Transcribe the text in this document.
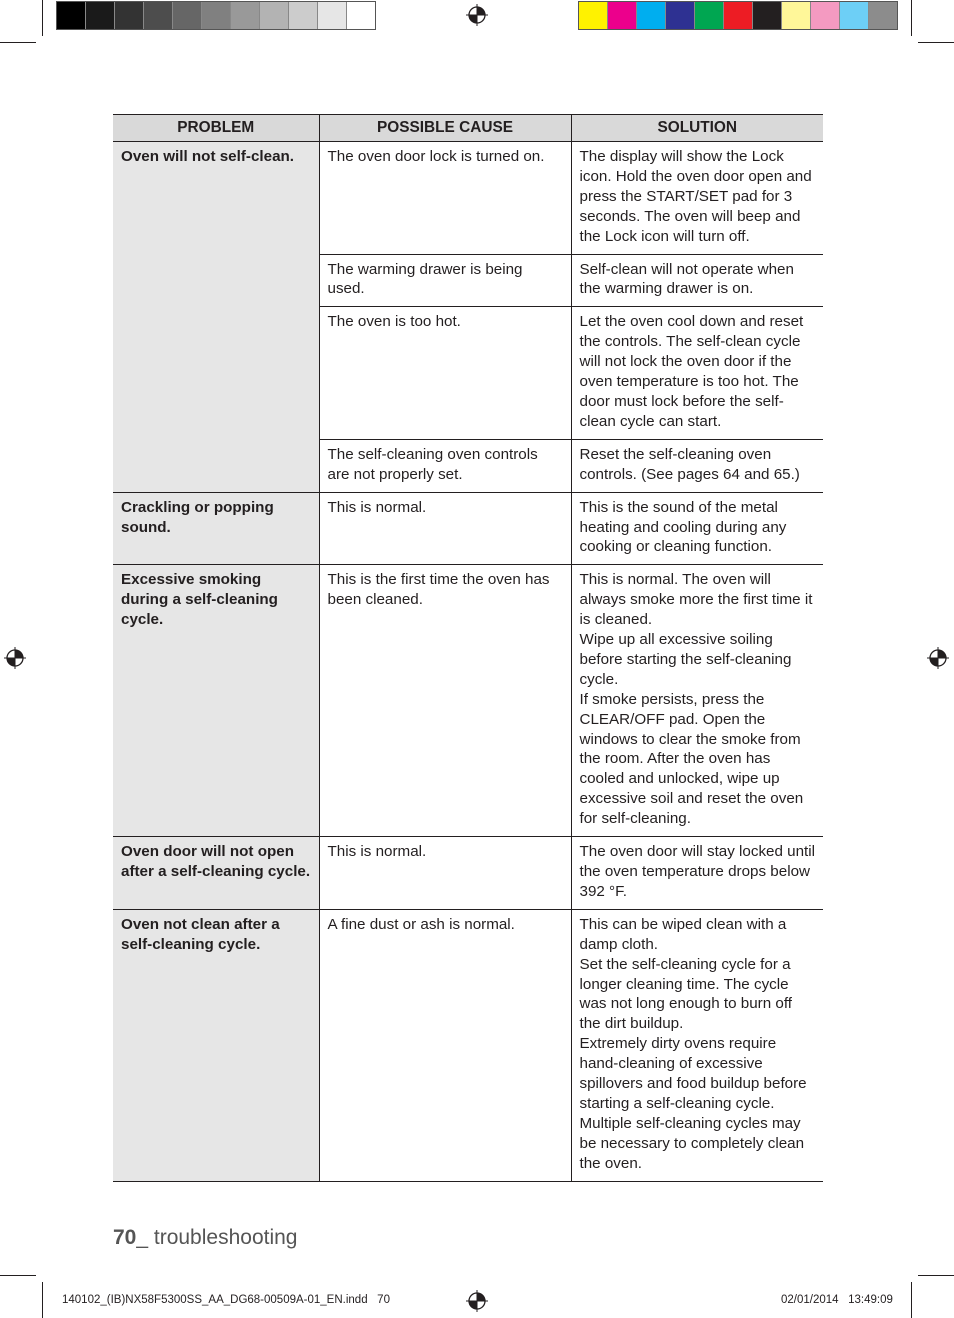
PROBLEM	POSSIBLE CAUSE	SOLUTION
Oven will not self-clean.	The oven door lock is turned on.	The display will show the Lock icon. Hold the oven door open and press the START/SET pad for 3 seconds. The oven will beep and the Lock icon will turn off.

	The warming drawer is being used.	Self-clean will not operate when the warming drawer is on.

	The oven is too hot.	Let the oven cool down and reset the controls. The self-clean cycle will not lock the oven door if the oven temperature is too hot. The door must lock before the self-clean cycle can start.

	The self-cleaning oven controls are not properly set.	Reset the self-cleaning oven controls. (See pages 64 and 65.)

Crackling or popping sound.	This is normal.	This is the sound of the metal heating and cooling during any cooking or cleaning function.

Excessive smoking during a self-cleaning cycle.	This is the first time the oven has been cleaned.	This is normal. The oven will always smoke more the first time it is cleaned.
Wipe up all excessive soiling before starting the self-cleaning cycle.
If smoke persists, press the CLEAR/OFF pad. Open the windows to clear the smoke from the room. After the oven has cooled and unlocked, wipe up excessive soil and reset the oven for self-cleaning.

Oven door will not open after a self-cleaning cycle.	This is normal.	The oven door will stay locked until the oven temperature drops below 392 °F.

Oven not clean after a self-cleaning cycle.	A fine dust or ash is normal.	This can be wiped clean with a damp cloth.
Set the self-cleaning cycle for a longer cleaning time. The cycle was not long enough to burn off the dirt buildup.
Extremely dirty ovens require hand-cleaning of excessive spillovers and food buildup before starting a self-cleaning cycle. Multiple self-cleaning cycles may be necessary to completely clean the oven.
70_ troubleshooting
140102_(IB)NX58F5300SS_AA_DG68-00509A-01_EN.indd   70	02/01/2014   13:49:09
